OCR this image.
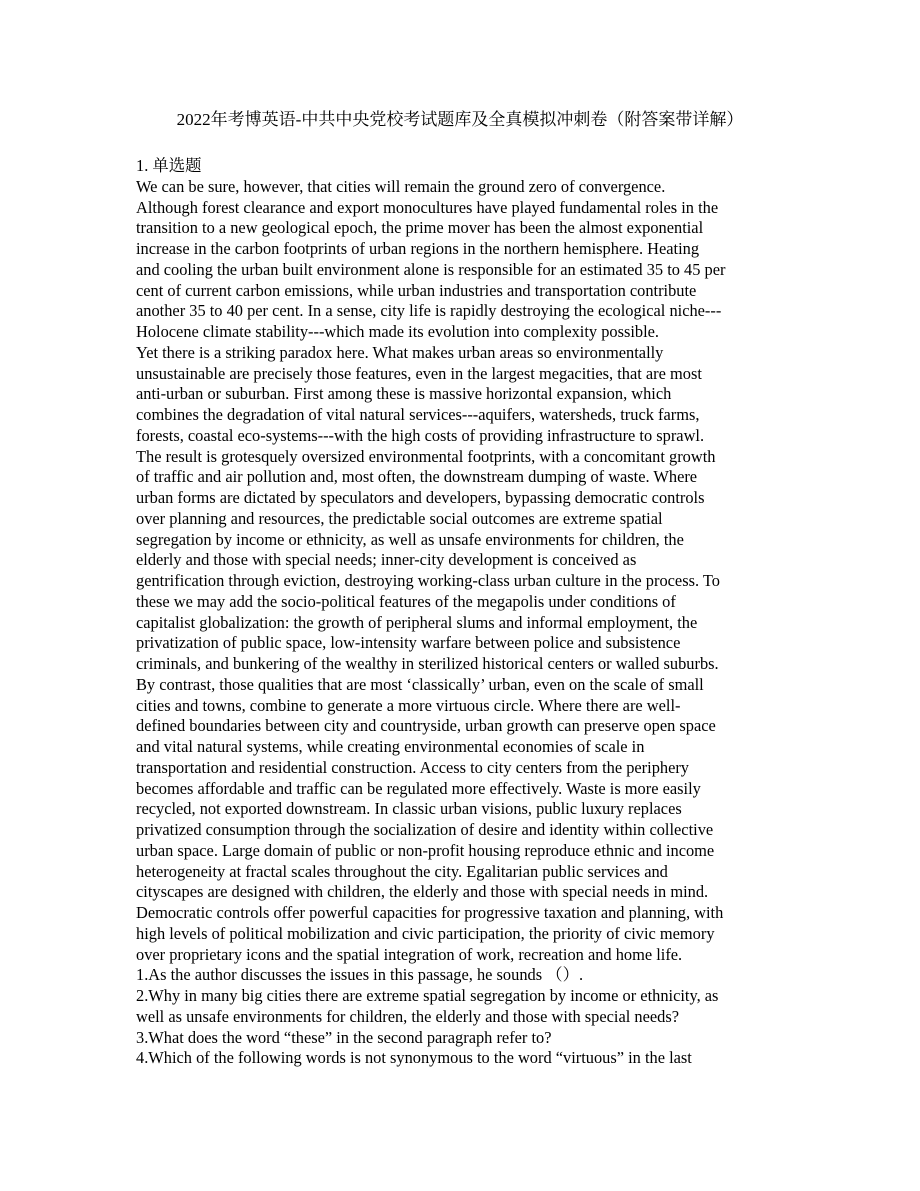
2022年考博英语-中共中央党校考试题库及全真模拟冲刺卷（附答案带详解）
1. 单选题
We can be sure, however, that cities will remain the ground zero of convergence.
Although forest clearance and export monocultures have played fundamental roles in the
transition to a new geological epoch, the prime mover has been the almost exponential
increase in the carbon footprints of urban regions in the northern hemisphere. Heating
and cooling the urban built environment alone is responsible for an estimated 35 to 45 per
cent of current carbon emissions, while urban industries and transportation contribute
another 35 to 40 per cent. In a sense, city life is rapidly destroying the ecological niche---
Holocene climate stability---which made its evolution into complexity possible.
Yet there is a striking paradox here. What makes urban areas so environmentally
unsustainable are precisely those features, even in the largest megacities, that are most
anti-urban or suburban. First among these is massive horizontal expansion, which
combines the degradation of vital natural services---aquifers, watersheds, truck farms,
forests, coastal eco-systems---with the high costs of providing infrastructure to sprawl.
The result is grotesquely oversized environmental footprints, with a concomitant growth
of traffic and air pollution and, most often, the downstream dumping of waste. Where
urban forms are dictated by speculators and developers, bypassing democratic controls
over planning and resources, the predictable social outcomes are extreme spatial
segregation by income or ethnicity, as well as unsafe environments for children, the
elderly and those with special needs; inner-city development is conceived as
gentrification through eviction, destroying working-class urban culture in the process. To
these we may add the socio-political features of the megapolis under conditions of
capitalist globalization: the growth of peripheral slums and informal employment, the
privatization of public space, low-intensity warfare between police and subsistence
criminals, and bunkering of the wealthy in sterilized historical centers or walled suburbs.
By contrast, those qualities that are most ‘classically’ urban, even on the scale of small
cities and towns, combine to generate a more virtuous circle. Where there are well-
defined boundaries between city and countryside, urban growth can preserve open space
and vital natural systems, while creating environmental economies of scale in
transportation and residential construction. Access to city centers from the periphery
becomes affordable and traffic can be regulated more effectively. Waste is more easily
recycled, not exported downstream. In classic urban visions, public luxury replaces
privatized consumption through the socialization of desire and identity within collective
urban space. Large domain of public or non-profit housing reproduce ethnic and income
heterogeneity at fractal scales throughout the city. Egalitarian public services and
cityscapes are designed with children, the elderly and those with special needs in mind.
Democratic controls offer powerful capacities for progressive taxation and planning, with
high levels of political mobilization and civic participation, the priority of civic memory
over proprietary icons and the spatial integration of work, recreation and home life.
1.As the author discusses the issues in this passage, he sounds （）.
2.Why in many big cities there are extreme spatial segregation by income or ethnicity, as
well as unsafe environments for children, the elderly and those with special needs?
3.What does the word “these” in the second paragraph refer to?
4.Which of the following words is not synonymous to the word “virtuous” in the last
